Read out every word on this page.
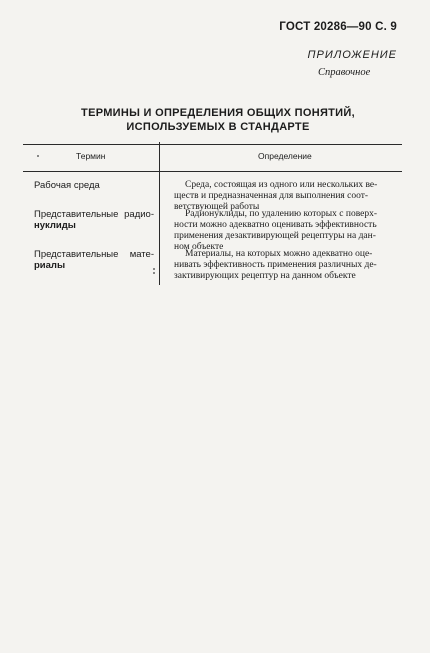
ГОСТ 20286—90 С. 9
ПРИЛОЖЕНИЕ
Справочное
ТЕРМИНЫ И ОПРЕДЕЛЕНИЯ ОБЩИХ ПОНЯТИЙ,
ИСПОЛЬЗУЕМЫХ В СТАНДАРТЕ
Термин	Определение
Рабочая среда	Среда, состоящая из одного или нескольких ве-
ществ и предназначенная для выполнения соот-
ветствующей работы
Представительные радио-
нуклиды
Радионуклиды, по удалению которых с поверх-
ности можно адекватно оценивать эффективность
применения дезактивирующей рецептуры на дан-
ном объекте
Представительные мате-
риалы
Материалы, на которых можно адекватно оце-
нивать эффективность применения различных де-
зактивирующих рецептур на данном объекте
